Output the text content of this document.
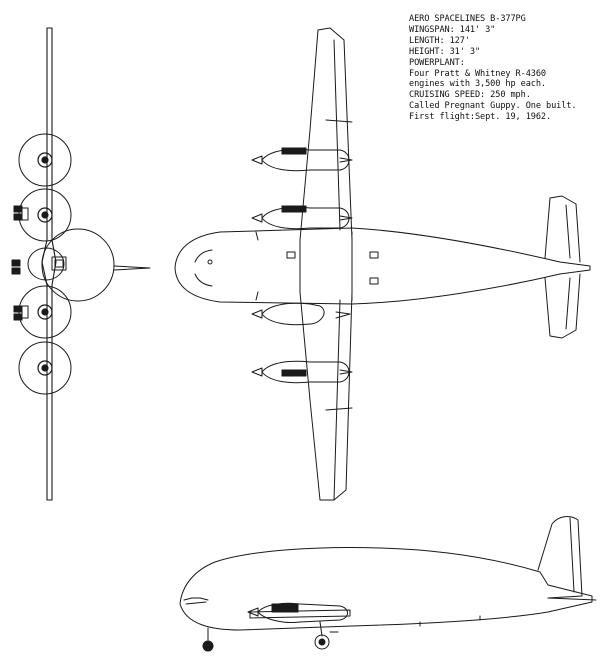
AERO SPACELINES B-377PG
WINGSPAN: 141' 3"
LENGTH: 127'
HEIGHT: 31' 3"
POWERPLANT:
Four Pratt & Whitney R-4360
engines with 3,500 hp each.
CRUISING SPEED: 250 mph.
Called Pregnant Guppy. One built.
First flight:Sept. 19, 1962.
